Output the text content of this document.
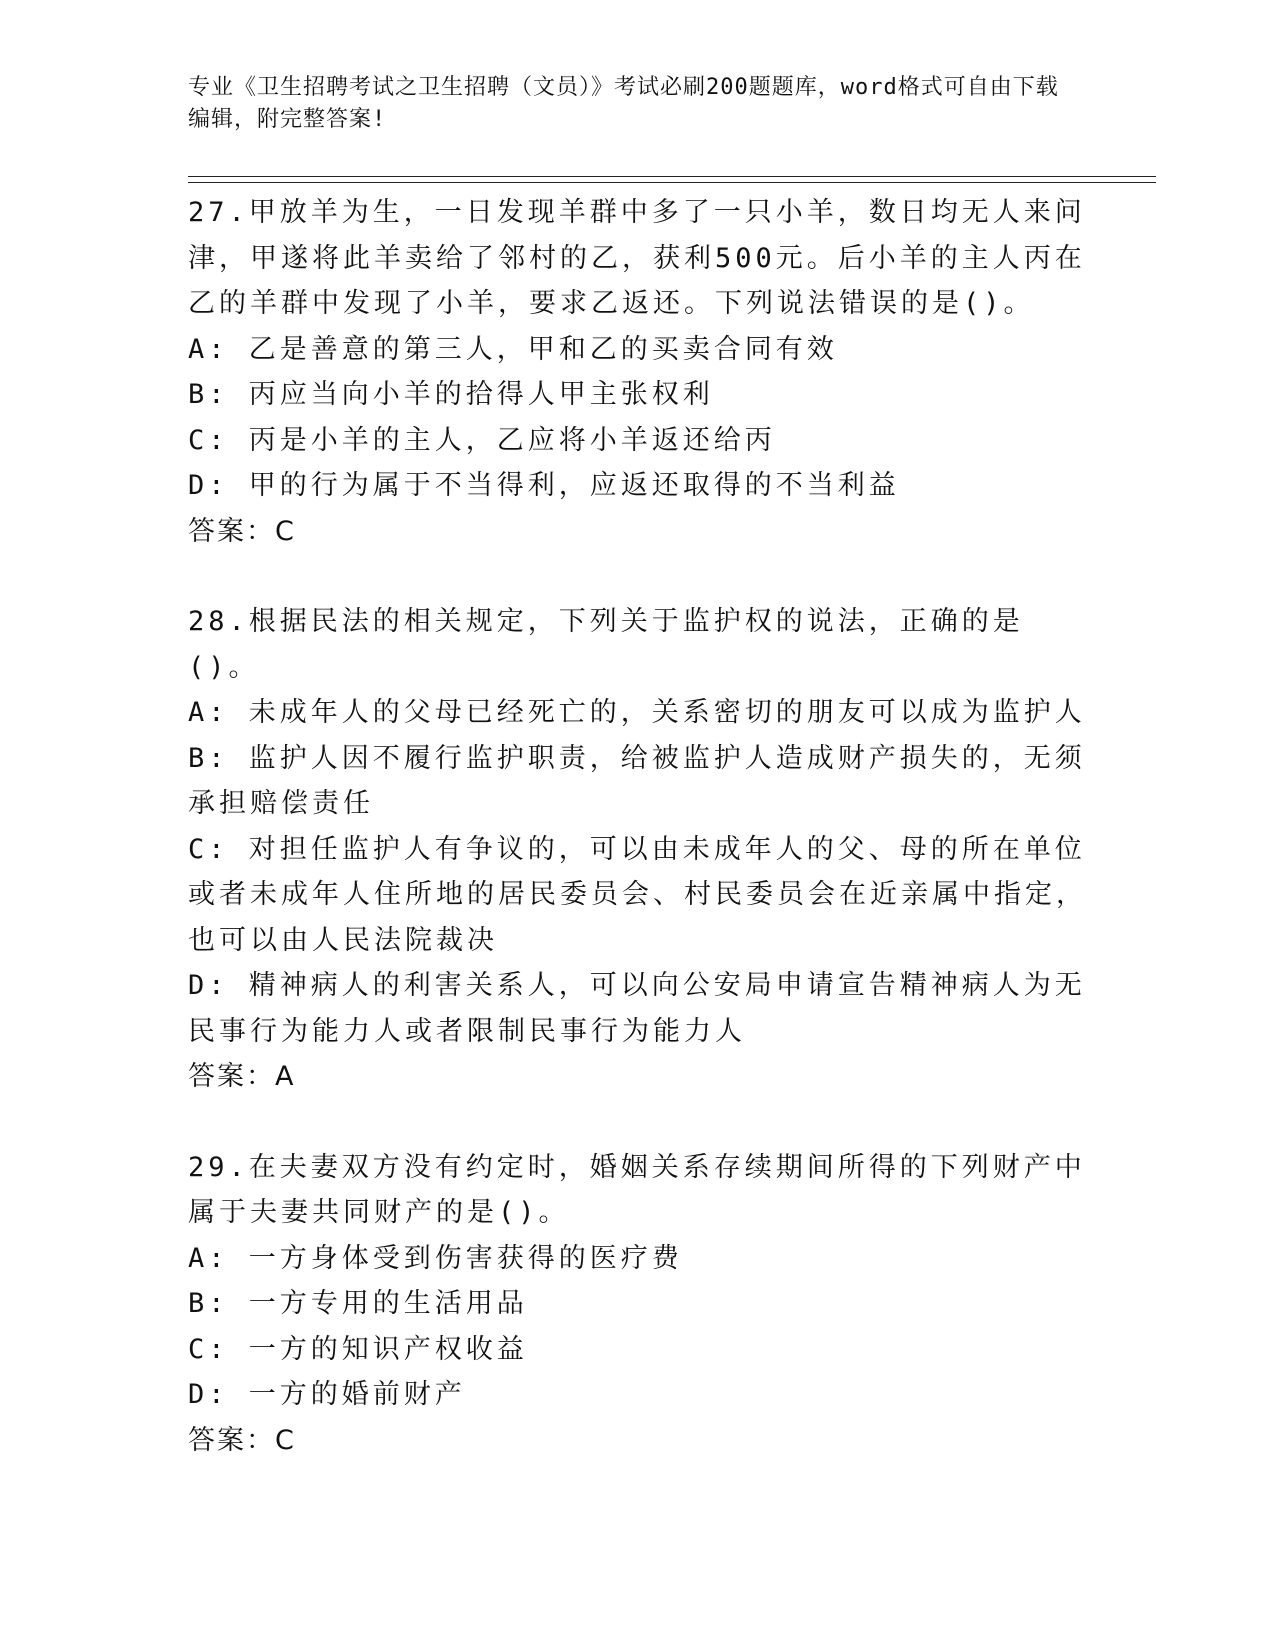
专业《卫生招聘考试之卫生招聘（文员）》考试必刷200题题库，word格式可自由下载编辑，附完整答案!

27.甲放羊为生，一日发现羊群中多了一只小羊，数日均无人来问津，甲遂将此羊卖给了邻村的乙，获利500元。后小羊的主人丙在乙的羊群中发现了小羊，要求乙返还。下列说法错误的是()。

A: 乙是善意的第三人，甲和乙的买卖合同有效

B: 丙应当向小羊的拾得人甲主张权利

C: 丙是小羊的主人，乙应将小羊返还给丙

D: 甲的行为属于不当得利，应返还取得的不当利益

答案：C

28.根据民法的相关规定，下列关于监护权的说法，正确的是()。

A: 未成年人的父母已经死亡的，关系密切的朋友可以成为监护人

B: 监护人因不履行监护职责，给被监护人造成财产损失的，无须承担赔偿责任

C: 对担任监护人有争议的，可以由未成年人的父、母的所在单位或者未成年人住所地的居民委员会、村民委员会在近亲属中指定，也可以由人民法院裁决

D: 精神病人的利害关系人，可以向公安局申请宣告精神病人为无民事行为能力人或者限制民事行为能力人

答案：A

29.在夫妻双方没有约定时，婚姻关系存续期间所得的下列财产中属于夫妻共同财产的是()。

A: 一方身体受到伤害获得的医疗费

B: 一方专用的生活用品

C: 一方的知识产权收益

D: 一方的婚前财产

答案：C
